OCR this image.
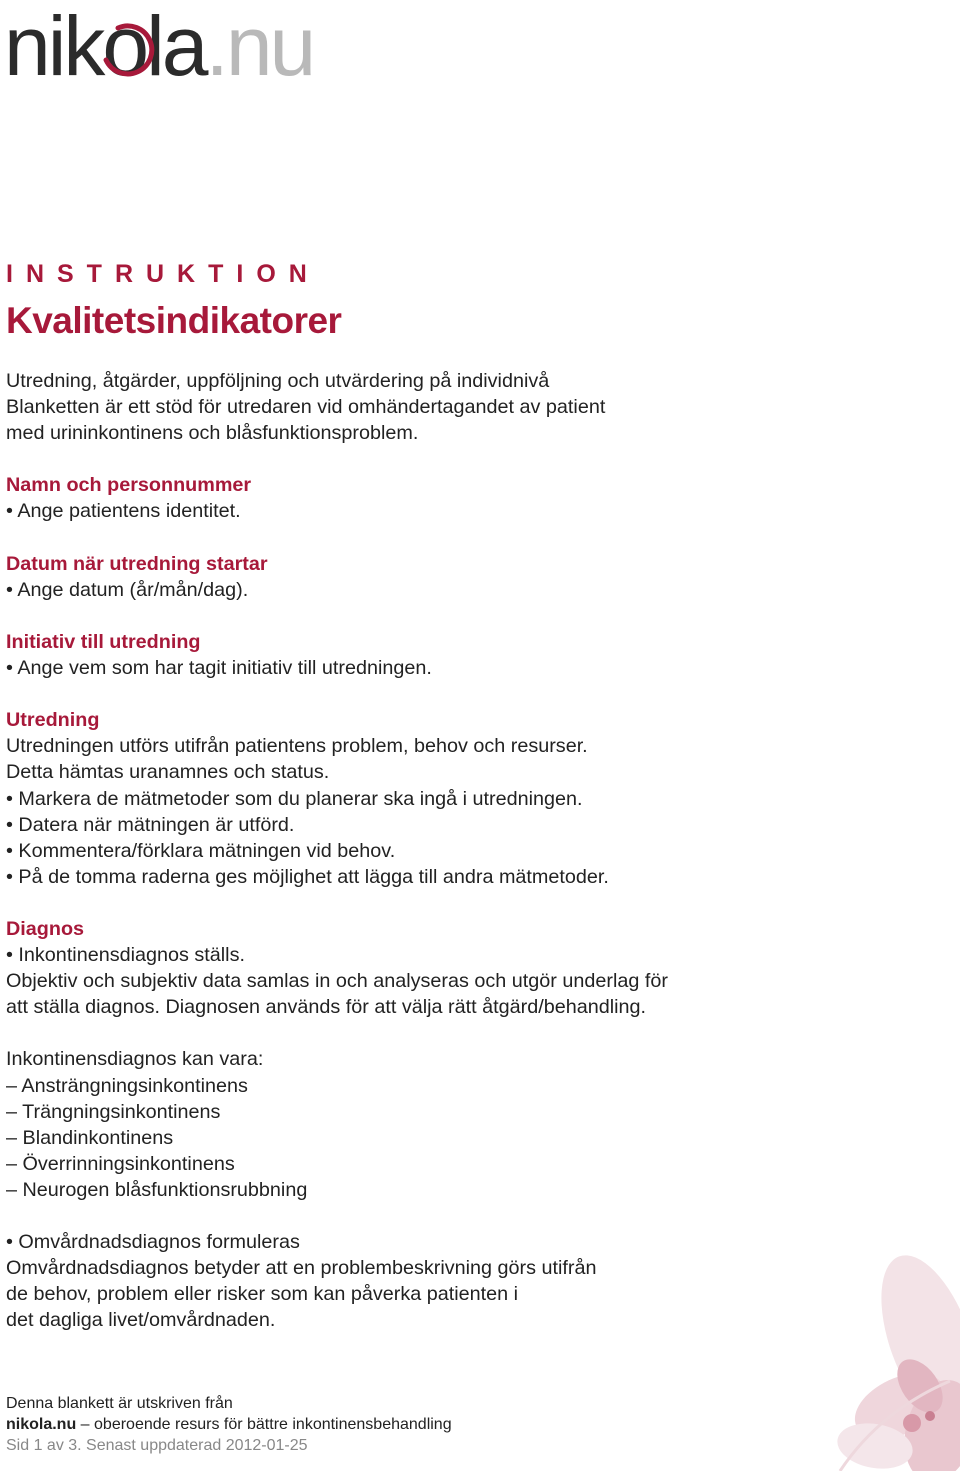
niko
la.nu
INSTRUKTION
Kvalitetsindikatorer

Utredning, åtgärder, uppföljning och utvärdering på individnivå

Blanketten är ett stöd för utredaren vid omhändertagandet av patient

med urininkontinens och blåsfunktionsproblem.

Namn och personnummer

• Ange patientens identitet.

Datum när utredning startar

• Ange datum (år/mån/dag).

Initiativ till utredning

• Ange vem som har tagit initiativ till utredningen.

Utredning

Utredningen utförs utifrån patientens problem, behov och resurser.

Detta hämtas uranamnes och status.

• Markera de mätmetoder som du planerar ska ingå i utredningen.

• Datera när mätningen är utförd.

• Kommentera/förklara mätningen vid behov.

• På de tomma raderna ges möjlighet att lägga till andra mätmetoder.

Diagnos

• Inkontinensdiagnos ställs.

Objektiv och subjektiv data samlas in och analyseras och utgör underlag för

att ställa diagnos. Diagnosen används för att välja rätt åtgärd/behandling.

Inkontinensdiagnos kan vara:

– Ansträngningsinkontinens

– Trängningsinkontinens

– Blandinkontinens

– Överrinningsinkontinens

– Neurogen blåsfunktionsrubbning

• Omvårdnadsdiagnos formuleras

Omvårdnadsdiagnos betyder att en problembeskrivning görs utifrån

de behov, problem eller risker som kan påverka patienten i

det dagliga livet/omvårdnaden.

Denna blankett är utskriven från
nikola.nu – oberoende resurs för bättre inkontinensbehandling
Sid 1 av 3. Senast uppdaterad 2012-01-25
